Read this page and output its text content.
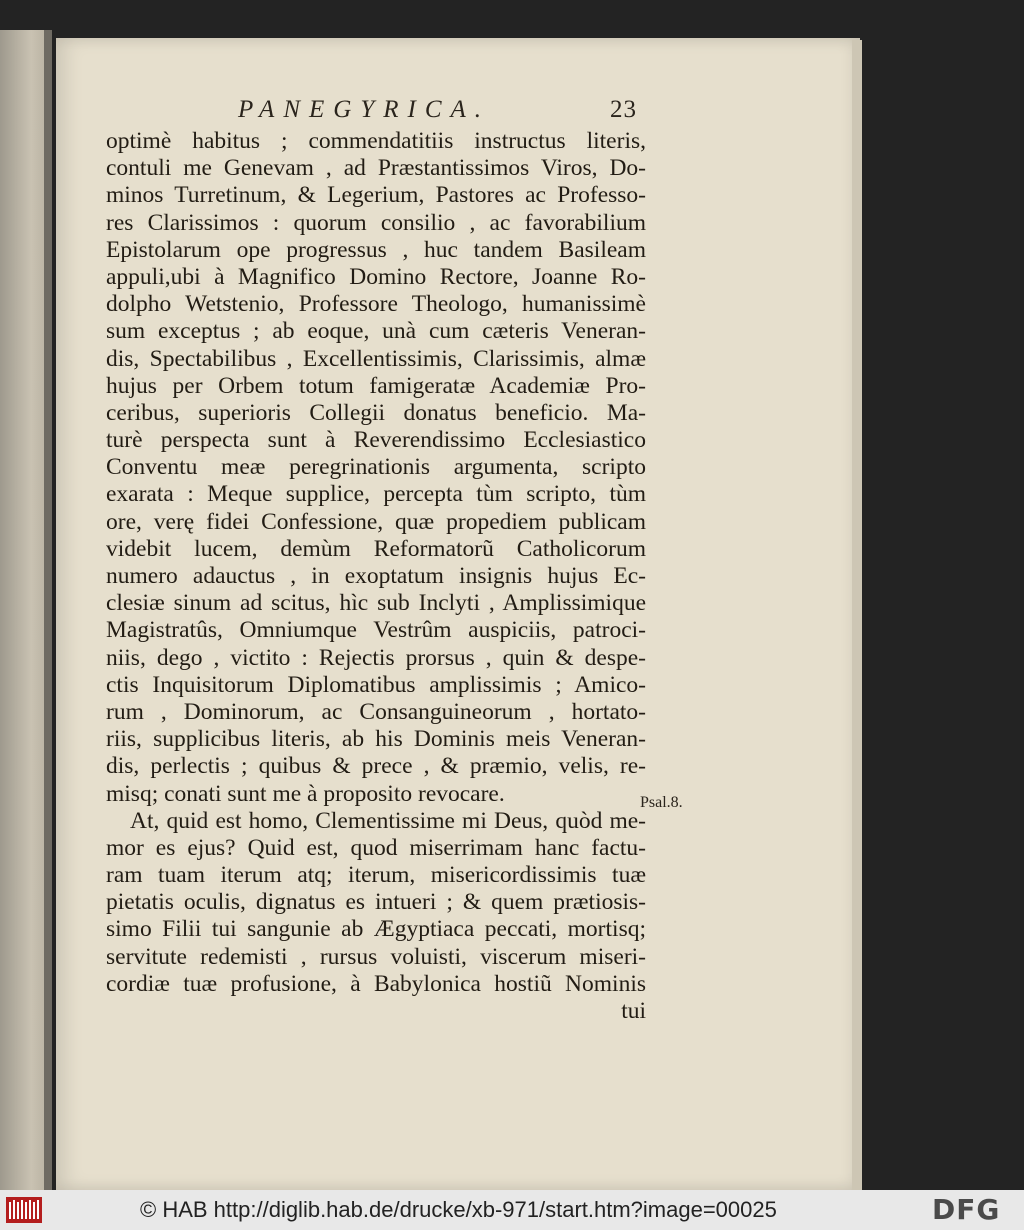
PANEGYRICA.	23
optimè habitus ; commendatitiis instructus literis,
contuli me Genevam , ad Præstantissimos Viros, Do-
minos Turretinum, & Legerium, Pastores ac Professo-
res Clarissimos : quorum consilio , ac favorabilium
Epistolarum ope progressus , huc tandem Basileam
appuli,ubi à Magnifico Domino Rectore, Joanne Ro-
dolpho Wetstenio, Professore Theologo, humanissimè
sum exceptus ; ab eoque, unà cum cæteris Veneran-
dis, Spectabilibus , Excellentissimis, Clarissimis, almæ
hujus per Orbem totum famigeratæ Academiæ Pro-
ceribus, superioris Collegii donatus beneficio. Ma-
turè perspecta sunt à Reverendissimo Ecclesiastico
Conventu meæ peregrinationis argumenta, scripto
exarata : Meque supplice, percepta tùm scripto, tùm
ore, verę fidei Confessione, quæ propediem publicam
videbit lucem, demùm Reformatorũ Catholicorum
numero adauctus , in exoptatum insignis hujus Ec-
clesiæ sinum ad scitus, hìc sub Inclyti , Amplissimique
Magistratûs, Omniumque Vestrûm auspiciis, patroci-
niis, dego , victito : Rejectis prorsus , quin & despe-
ctis Inquisitorum Diplomatibus amplissimis ; Amico-
rum , Dominorum, ac Consanguineorum , hortato-
riis, supplicibus literis, ab his Dominis meis Veneran-
dis, perlectis ; quibus & prece , & præmio, velis, re-
misq; conati sunt me à proposito revocare.
At, quid est homo, Clementissime mi Deus, quòd me-
mor es ejus? Quid est, quod miserrimam hanc factu-
ram tuam iterum atq; iterum, misericordissimis tuæ
pietatis oculis, dignatus es intueri ; & quem prætiosis-
simo Filii tui sangunie ab Ægyptiaca peccati, mortisq;
servitute redemisti , rursus voluisti, viscerum miseri-
cordiæ tuæ profusione, à Babylonica hostiũ Nominis
tui
Psal.8.
© HAB http://diglib.hab.de/drucke/xb-971/start.htm?image=00025	DFG
